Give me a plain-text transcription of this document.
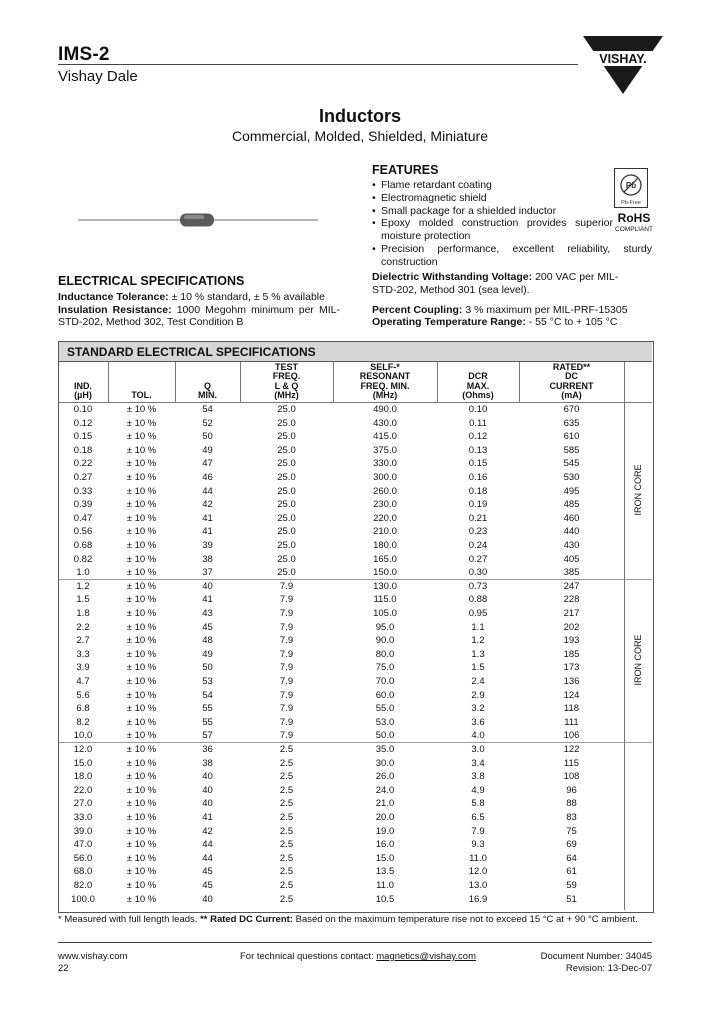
IMS-2
Vishay Dale
VISHAY.
Inductors
Commercial, Molded, Shielded, Miniature
FEATURES
• Flame retardant coating
• Electromagnetic shield
• Small package for a shielded inductor
• Epoxy molded construction provides superior moisture protection
• Precision performance, excellent reliability, sturdy construction
Pb
Pb-Free
RoHS
COMPLIANT
ELECTRICAL SPECIFICATIONS
Inductance Tolerance: ± 10 % standard, ± 5 % available
Insulation Resistance: 1000 Megohm minimum per MIL-STD-202, Method 302, Test Condition B
Dielectric Withstanding Voltage: 200 VAC per MIL-STD-202, Method 301 (sea level).
Percent Coupling: 3 % maximum per MIL-PRF-15305
Operating Temperature Range: - 55 °C to + 105 °C
STANDARD ELECTRICAL SPECIFICATIONS
IND.
(µH)	TOL.
Q
MIN.
TEST
FREQ.
L & Q
(MHz)
SELF-*
RESONANT
FREQ. MIN.
(MHz)
DCR
MAX.
(Ohms)
RATED**
DC
CURRENT
(mA)
0.10	± 10 %	54	25.0	490.0	0.10	670
0.12	± 10 %	52	25.0	430.0	0.11	635
0.15	± 10 %	50	25.0	415.0	0.12	610
0.18	± 10 %	49	25.0	375.0	0.13	585
0.22	± 10 %	47	25.0	330.0	0.15	545
0.27	± 10 %	46	25.0	300.0	0.16	530
0.33	± 10 %	44	25.0	260.0	0.18	495
0.39	± 10 %	42	25.0	230.0	0.19	485
0.47	± 10 %	41	25.0	220.0	0.21	460
0.56	± 10 %	41	25.0	210.0	0.23	440
0.68	± 10 %	39	25.0	180.0	0.24	430
0.82	± 10 %	38	25.0	165.0	0.27	405
1.0	± 10 %	37	25.0	150.0	0.30	385
1.2	± 10 %	40	7.9	130.0	0.73	247
1.5	± 10 %	41	7.9	115.0	0.88	228
1.8	± 10 %	43	7.9	105.0	0.95	217
2.2	± 10 %	45	7.9	95.0	1.1	202
2.7	± 10 %	48	7.9	90.0	1.2	193
3.3	± 10 %	49	7.9	80.0	1.3	185
3.9	± 10 %	50	7.9	75.0	1.5	173
4.7	± 10 %	53	7.9	70.0	2.4	136
5.6	± 10 %	54	7.9	60.0	2.9	124
6.8	± 10 %	55	7.9	55.0	3.2	118
8.2	± 10 %	55	7.9	53.0	3.6	111
10.0	± 10 %	57	7.9	50.0	4.0	106
12.0	± 10 %	36	2.5	35.0	3.0	122
15.0	± 10 %	38	2.5	30.0	3.4	115
18.0	± 10 %	40	2.5	26.0	3.8	108
22.0	± 10 %	40	2.5	24.0	4.9	96
27.0	± 10 %	40	2.5	21.0	5.8	88
33.0	± 10 %	41	2.5	20.0	6.5	83
39.0	± 10 %	42	2.5	19.0	7.9	75
47.0	± 10 %	44	2.5	16.0	9.3	69
56.0	± 10 %	44	2.5	15.0	11.0	64
68.0	± 10 %	45	2.5	13.5	12.0	61
82.0	± 10 %	45	2.5	11.0	13.0	59
100.0	± 10 %	40	2.5	10.5	16.9	51
IRON CORE
IRON CORE
* Measured with full length leads. ** Rated DC Current: Based on the maximum temperature rise not to exceed 15 °C at + 90 °C ambient.
www.vishay.com
22
For technical questions contact: magnetics@vishay.com	Document Number: 34045
Revision: 13-Dec-07
